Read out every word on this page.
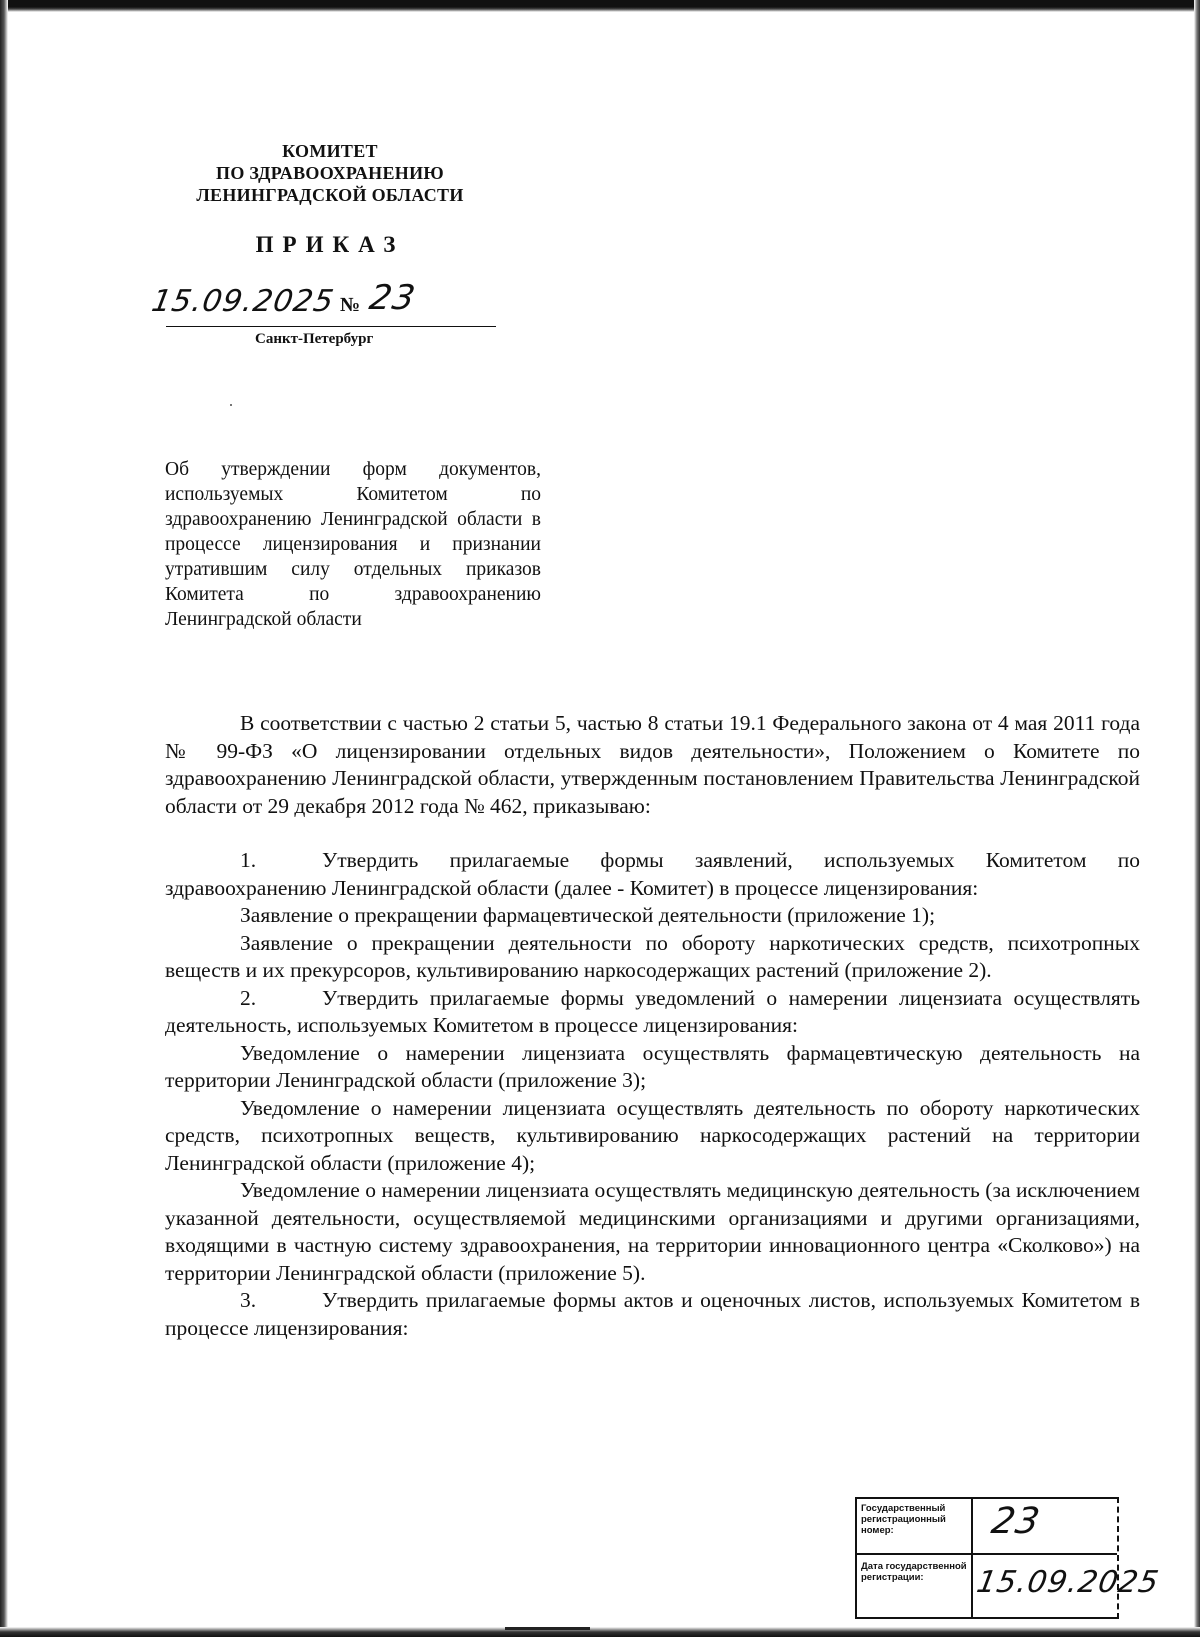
КОМИТЕТ
ПО ЗДРАВООХРАНЕНИЮ
ЛЕНИНГРАДСКОЙ ОБЛАСТИ
ПРИКАЗ
15.09.2025 № 23
Санкт-Петербург
Об утверждении форм документов, используемых Комитетом по здравоохранению Ленинградской области в процессе лицензирования и признании утратившим силу отдельных приказов Комитета по здравоохранению Ленинградской области

В соответствии с частью 2 статьи 5, частью 8 статьи 19.1 Федерального закона от 4 мая 2011 года № 99-ФЗ «О лицензировании отдельных видов деятельности», Положением о Комитете по здравоохранению Ленинградской области, утвержденным постановлением Правительства Ленинградской области от 29 декабря 2012 года № 462, приказываю:

1.	Утвердить прилагаемые формы заявлений, используемых Комитетом по здравоохранению Ленинградской области (далее - Комитет) в процессе лицензирования:

Заявление о прекращении фармацевтической деятельности (приложение 1);

Заявление о прекращении деятельности по обороту наркотических средств, психотропных веществ и их прекурсоров, культивированию наркосодержащих растений (приложение 2).

2.	Утвердить прилагаемые формы уведомлений о намерении лицензиата осуществлять деятельность, используемых Комитетом в процессе лицензирования:

Уведомление о намерении лицензиата осуществлять фармацевтическую деятельность на территории Ленинградской области (приложение 3);

Уведомление о намерении лицензиата осуществлять деятельность по обороту наркотических средств, психотропных веществ, культивированию наркосодержащих растений на территории Ленинградской области (приложение 4);

Уведомление о намерении лицензиата осуществлять медицинскую деятельность (за исключением указанной деятельности, осуществляемой медицинскими организациями и другими организациями, входящими в частную систему здравоохранения, на территории инновационного центра «Сколково») на территории Ленинградской области (приложение 5).

3.	Утвердить прилагаемые формы актов и оценочных листов, используемых Комитетом в процессе лицензирования:

Государственный регистрационный номер:	23
Дата государственной регистрации:	15.09.2025
